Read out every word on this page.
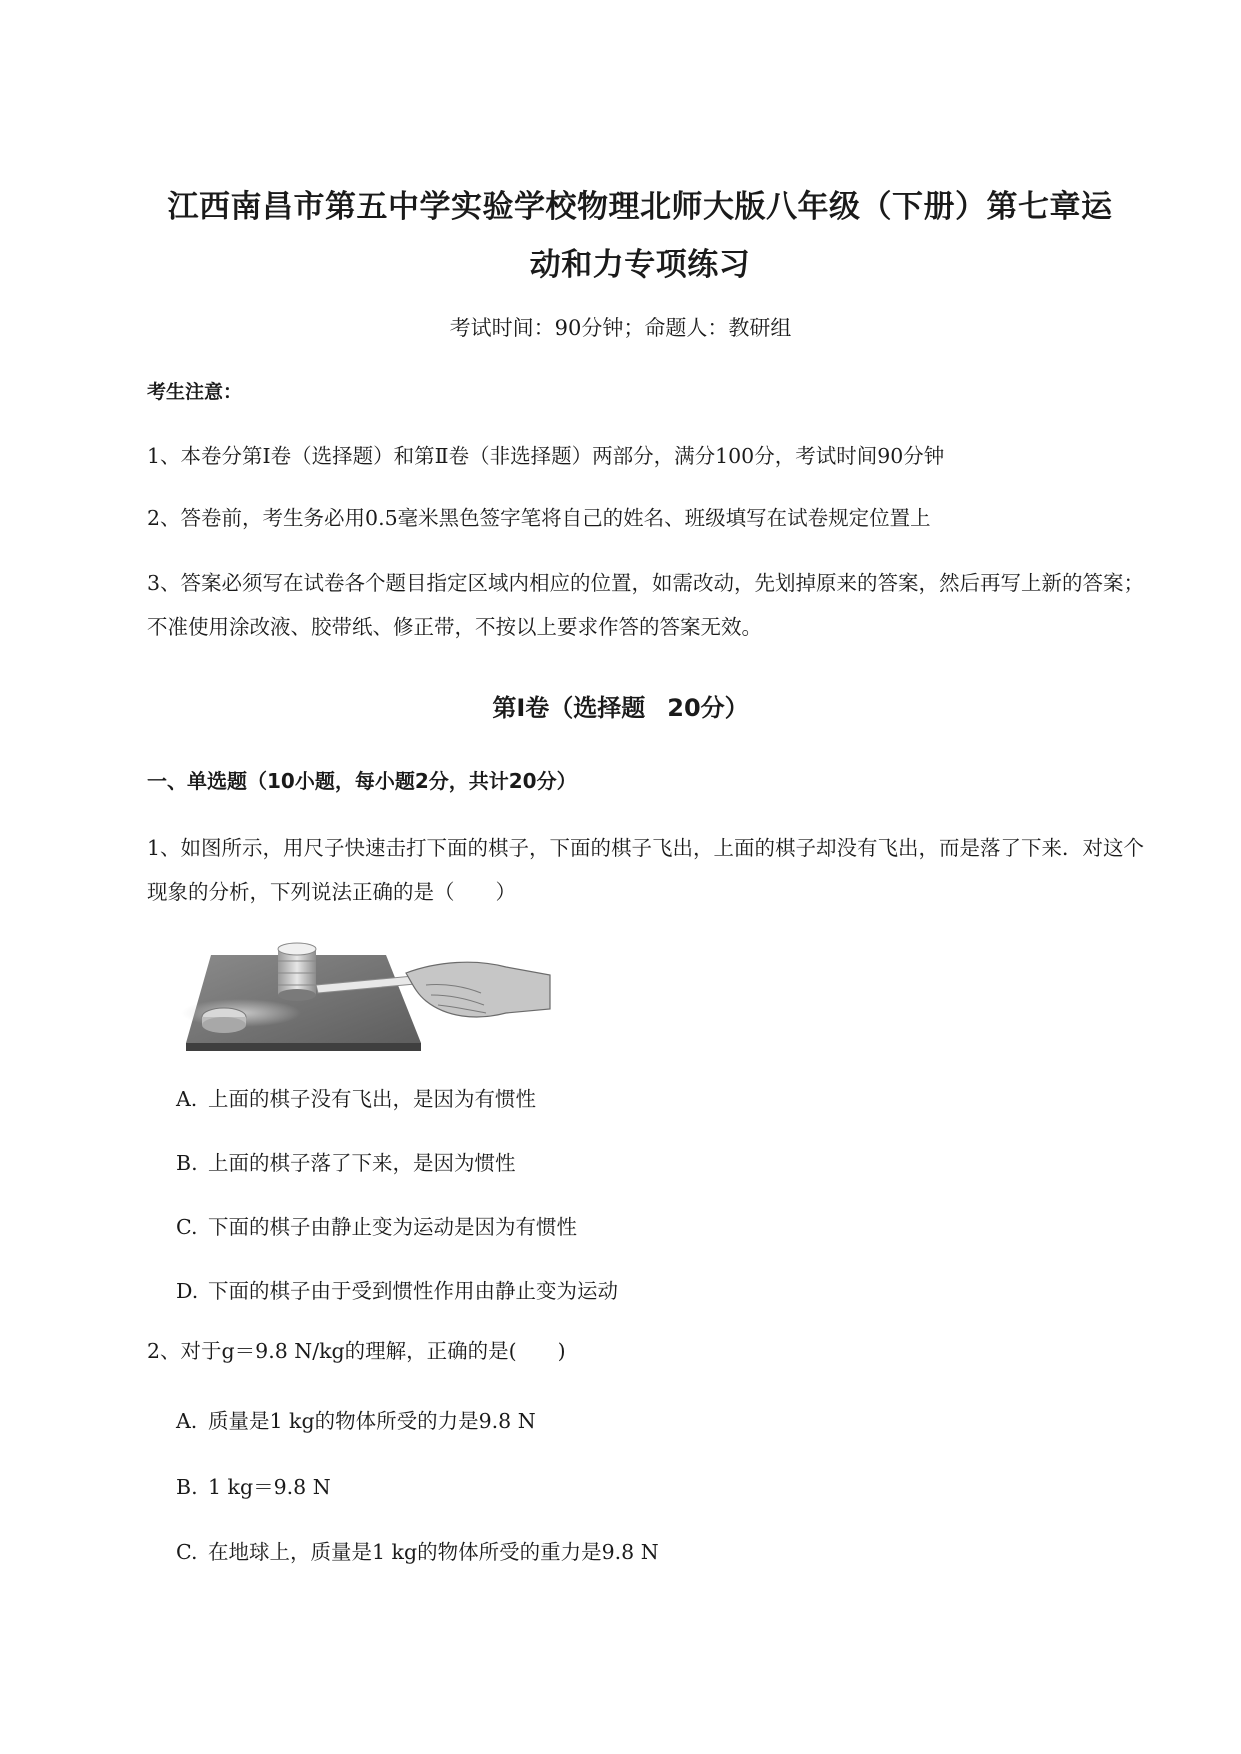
江西南昌市第五中学实验学校物理北师大版八年级（下册）第七章运
动和力专项练习
考试时间：90分钟；命题人：教研组
考生注意：
1、本卷分第Ⅰ卷（选择题）和第Ⅱ卷（非选择题）两部分，满分100分，考试时间90分钟
2、答卷前，考生务必用0.5毫米黑色签字笔将自己的姓名、班级填写在试卷规定位置上
3、答案必须写在试卷各个题目指定区域内相应的位置，如需改动，先划掉原来的答案，然后再写上新的答案；不准使用涂改液、胶带纸、修正带，不按以上要求作答的答案无效。
第Ⅰ卷（选择题 20分）
一、单选题（10小题，每小题2分，共计20分）
1、如图所示，用尺子快速击打下面的棋子，下面的棋子飞出，上面的棋子却没有飞出，而是落了下来．对这个现象的分析，下列说法正确的是（　　）
A. 上面的棋子没有飞出，是因为有惯性
B. 上面的棋子落了下来，是因为惯性
C. 下面的棋子由静止变为运动是因为有惯性
D. 下面的棋子由于受到惯性作用由静止变为运动
2、对于g＝9.8 N/kg的理解，正确的是(　　)
A. 质量是1 kg的物体所受的力是9.8 N
B. 1 kg＝9.8 N
C. 在地球上，质量是1 kg的物体所受的重力是9.8 N
